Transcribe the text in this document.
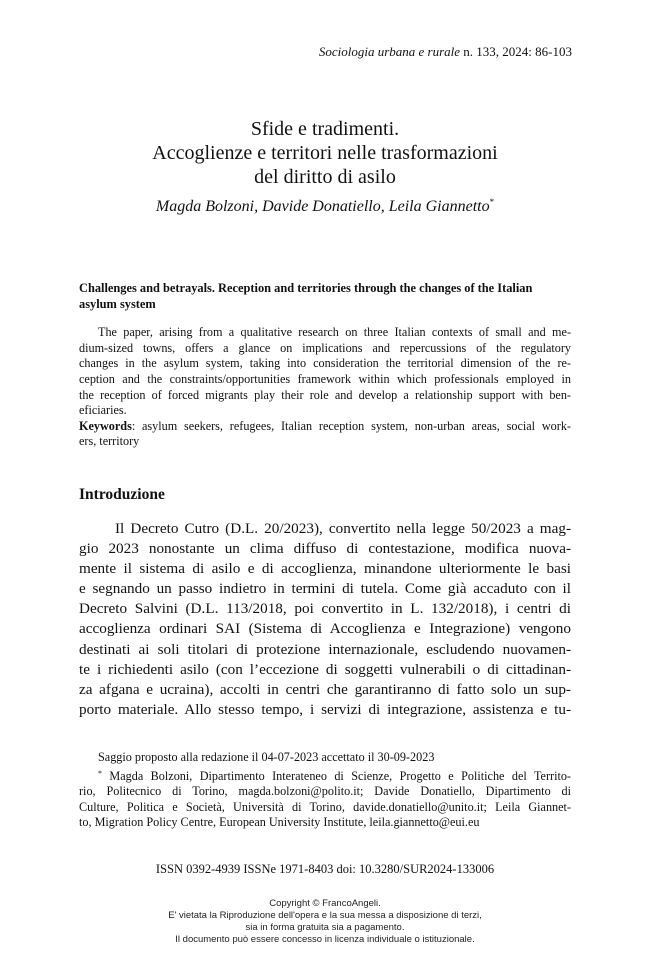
Sociologia urbana e rurale n. 133, 2024: 86-103
Sfide e tradimenti.
Accoglienze e territori nelle trasformazioni
del diritto di asilo
Magda Bolzoni, Davide Donatiello, Leila Giannetto*
Challenges and betrayals. Reception and territories through the changes of the Italian asylum system
The paper, arising from a qualitative research on three Italian contexts of small and me-
dium-sized towns, offers a glance on implications and repercussions of the regulatory
changes in the asylum system, taking into consideration the territorial dimension of the re-
ception and the constraints/opportunities framework within which professionals employed in
the reception of forced migrants play their role and develop a relationship support with ben-
eficiaries.
Keywords: asylum seekers, refugees, Italian reception system, non-urban areas, social work-
ers, territory
Introduzione
Il Decreto Cutro (D.L. 20/2023), convertito nella legge 50/2023 a mag-
gio 2023 nonostante un clima diffuso di contestazione, modifica nuova-
mente il sistema di asilo e di accoglienza, minandone ulteriormente le basi
e segnando un passo indietro in termini di tutela. Come già accaduto con il
Decreto Salvini (D.L. 113/2018, poi convertito in L. 132/2018), i centri di
accoglienza ordinari SAI (Sistema di Accoglienza e Integrazione) vengono
destinati ai soli titolari di protezione internazionale, escludendo nuovamen-
te i richiedenti asilo (con l’eccezione di soggetti vulnerabili o di cittadinan-
za afgana e ucraina), accolti in centri che garantiranno di fatto solo un sup-
porto materiale. Allo stesso tempo, i servizi di integrazione, assistenza e tu-
Saggio proposto alla redazione il 04-07-2023 accettato il 30-09-2023
* Magda Bolzoni, Dipartimento Interateneo di Scienze, Progetto e Politiche del Territo-
rio, Politecnico di Torino, magda.bolzoni@polito.it; Davide Donatiello, Dipartimento di
Culture, Politica e Società, Università di Torino, davide.donatiello@unito.it; Leila Giannet-
to, Migration Policy Centre, European University Institute, leila.giannetto@eui.eu
ISSN 0392-4939 ISSNe 1971-8403 doi: 10.3280/SUR2024-133006
Copyright © FrancoAngeli.
E' vietata la Riproduzione dell'opera e la sua messa a disposizione di terzi,
sia in forma gratuita sia a pagamento.
Il documento può essere concesso in licenza individuale o istituzionale.
